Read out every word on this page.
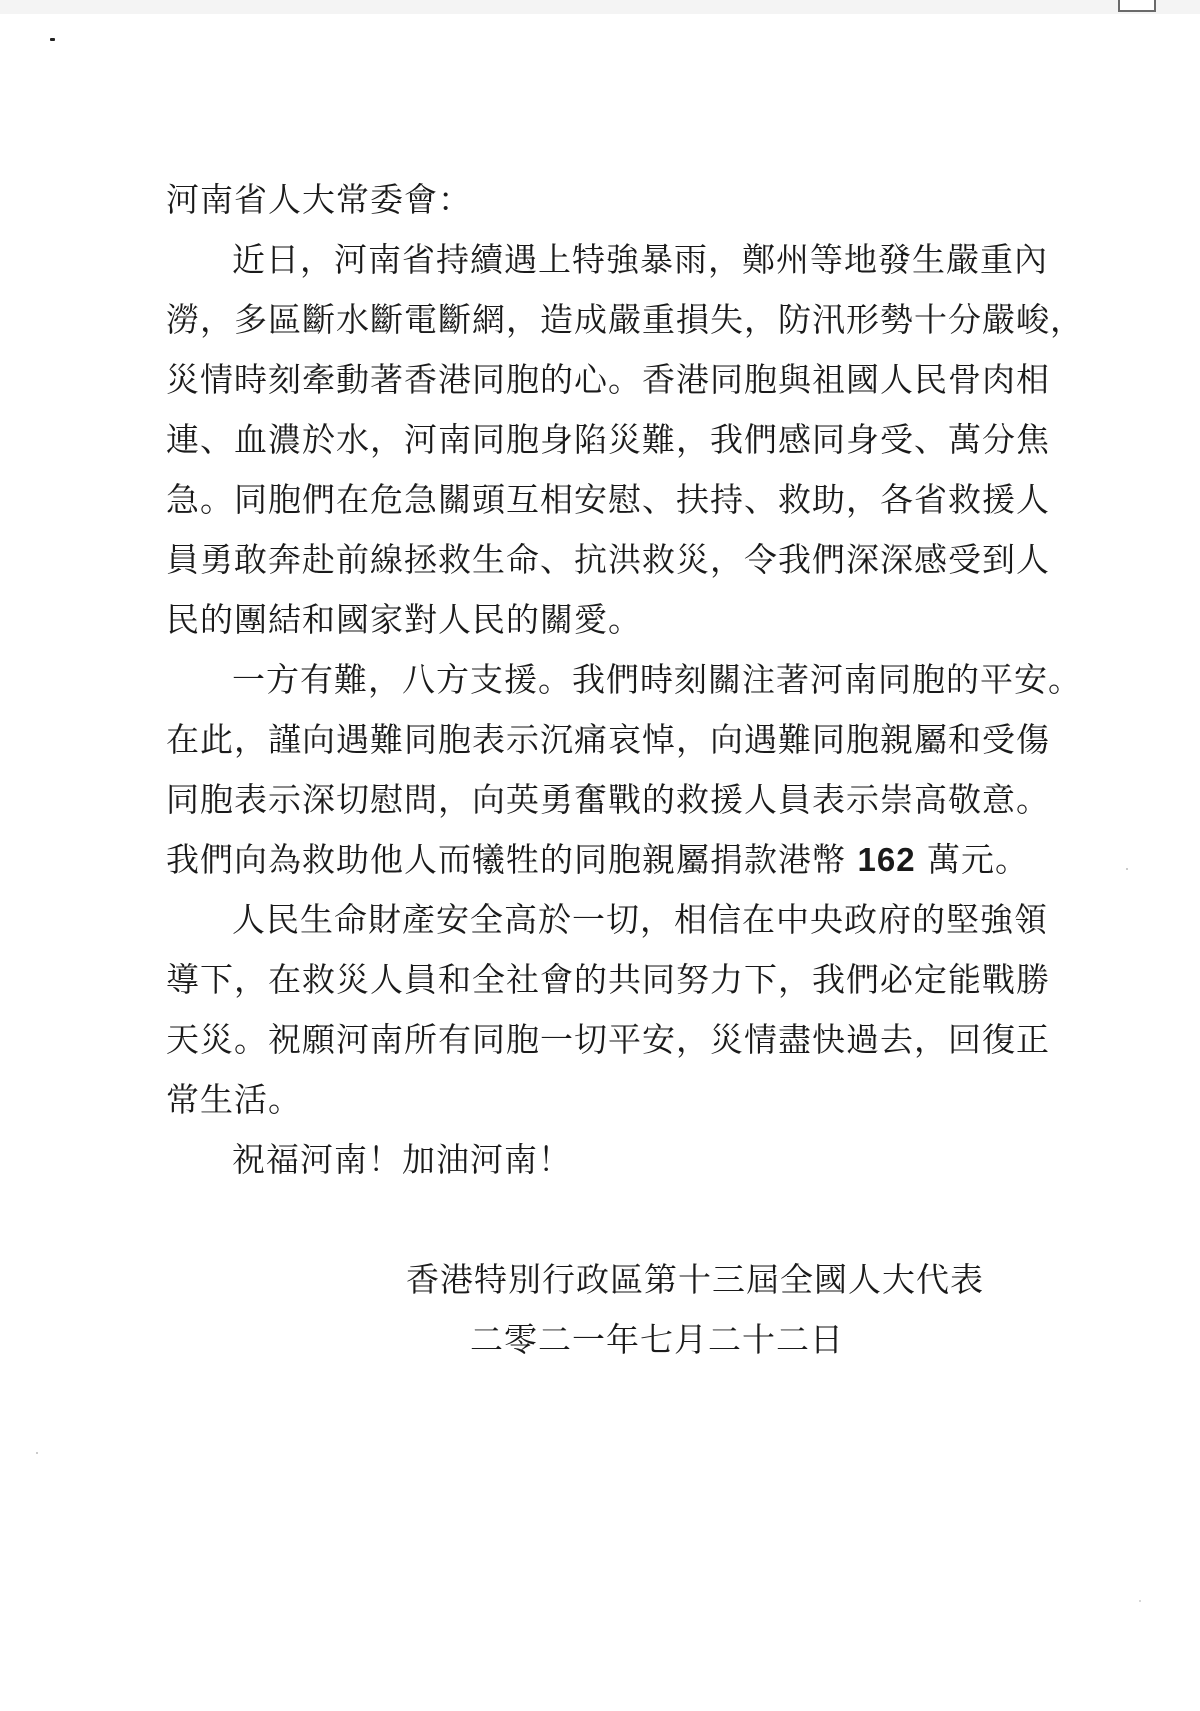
河南省人大常委會：
近日，河南省持續遇上特強暴雨，鄭州等地發生嚴重內
澇，多區斷水斷電斷網，造成嚴重損失，防汛形勢十分嚴峻，
災情時刻牽動著香港同胞的心。香港同胞與祖國人民骨肉相
連、血濃於水，河南同胞身陷災難，我們感同身受、萬分焦
急。同胞們在危急關頭互相安慰、扶持、救助，各省救援人
員勇敢奔赴前線拯救生命、抗洪救災，令我們深深感受到人
民的團結和國家對人民的關愛。
一方有難，八方支援。我們時刻關注著河南同胞的平安。
在此，謹向遇難同胞表示沉痛哀悼，向遇難同胞親屬和受傷
同胞表示深切慰問，向英勇奮戰的救援人員表示崇高敬意。
我們向為救助他人而犧牲的同胞親屬捐款港幣 162 萬元。
人民生命財產安全高於一切，相信在中央政府的堅強領
導下，在救災人員和全社會的共同努力下，我們必定能戰勝
天災。祝願河南所有同胞一切平安，災情盡快過去，回復正
常生活。
祝福河南！加油河南！
香港特別行政區第十三屆全國人大代表
二零二一年七月二十二日
